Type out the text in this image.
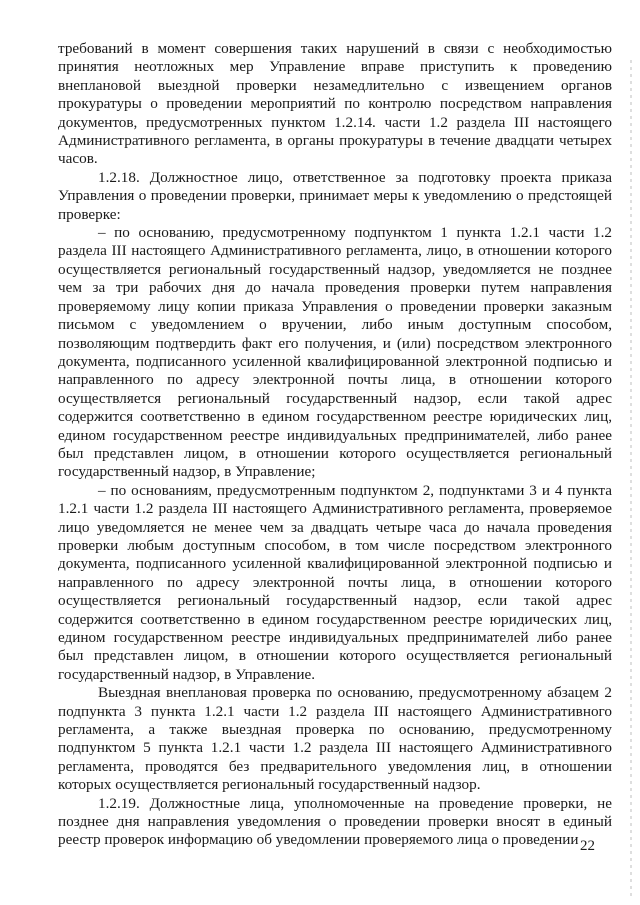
требований в момент совершения таких нарушений в связи с необходимостью принятия неотложных мер Управление вправе приступить к проведению внеплановой выездной проверки незамедлительно с извещением органов прокуратуры о проведении мероприятий по контролю посредством направления документов, предусмотренных пунктом 1.2.14. части 1.2 раздела III настоящего Административного регламента, в органы прокуратуры в течение двадцати четырех часов.

1.2.18. Должностное лицо, ответственное за подготовку проекта приказа Управления о проведении проверки, принимает меры к уведомлению о предстоящей проверке:

– по основанию, предусмотренному подпунктом 1 пункта 1.2.1 части 1.2 раздела III настоящего Административного регламента, лицо, в отношении которого осуществляется региональный государственный надзор, уведомляется не позднее чем за три рабочих дня до начала проведения проверки путем направления проверяемому лицу копии приказа Управления о проведении проверки заказным письмом с уведомлением о вручении, либо иным доступным способом, позволяющим подтвердить факт его получения, и (или) посредством электронного документа, подписанного усиленной квалифицированной электронной подписью и направленного по адресу электронной почты лица, в отношении которого осуществляется региональный государственный надзор, если такой адрес содержится соответственно в едином государственном реестре юридических лиц, едином государственном реестре индивидуальных предпринимателей, либо ранее был представлен лицом, в отношении которого осуществляется региональный государственный надзор, в Управление;

– по основаниям, предусмотренным подпунктом 2, подпунктами 3 и 4 пункта 1.2.1 части 1.2 раздела III настоящего Административного регламента, проверяемое лицо уведомляется не менее чем за двадцать четыре часа до начала проведения проверки любым доступным способом, в том числе посредством электронного документа, подписанного усиленной квалифицированной электронной подписью и направленного по адресу электронной почты лица, в отношении которого осуществляется региональный государственный надзор, если такой адрес содержится соответственно в едином государственном реестре юридических лиц, едином государственном реестре индивидуальных предпринимателей либо ранее был представлен лицом, в отношении которого осуществляется региональный государственный надзор, в Управление.

Выездная внеплановая проверка по основанию, предусмотренному абзацем 2 подпункта 3 пункта 1.2.1 части 1.2 раздела III настоящего Административного регламента, а также выездная проверка по основанию, предусмотренному подпунктом 5 пункта 1.2.1 части 1.2 раздела III настоящего Административного регламента, проводятся без предварительного уведомления лиц, в отношении которых осуществляется региональный государственный надзор.

1.2.19. Должностные лица, уполномоченные на проведение проверки, не позднее дня направления уведомления о проведении проверки вносят в единый реестр проверок информацию об уведомлении проверяемого лица о проведении 22
